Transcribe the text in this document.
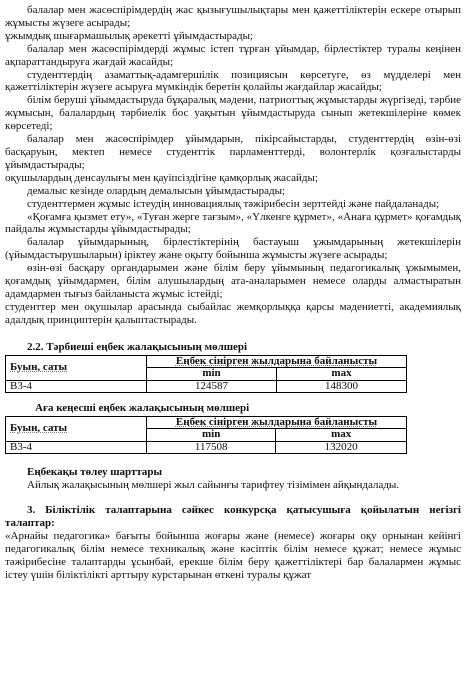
балалар мен жасөспірімдердің жас қызығушылықтары мен қажеттіліктерін ескере отырып жұмысты жүзеге асырады;
ұжымдық шығармашылық әрекетті ұйымдастырады;
балалар мен жасөспірімдерді жұмыс істеп тұрған ұйымдар, бірлестіктер туралы кеңінен ақпараттандыруға жағдай жасайды;
студенттердің азаматтық-адамгершілік позициясын көрсетуге, өз мүдделері мен қажеттіліктерін жүзеге асыруға мүмкіндік беретін қолайлы жағдайлар жасайды;
білім беруші ұйымдастыруда бұқаралық мәдени, патриоттық жұмыстарды жүргізеді, тәрбие жұмысын, балалардың тәрбиелік бос уақытын ұйымдастыруда сынып жетекшілеріне көмек көрсетеді;
балалар мен жасөспірімдер ұйымдарын, пікірсайыстарды, студенттердің өзін-өзі басқаруын, мектеп немесе студенттік парламенттерді, волонтерлік қозғалыстарды ұйымдастырады;
оқушылардың денсаулығы мен қауіпсіздігіне қамқорлық жасайды;
демалыс кезінде олардың демалысын ұйымдастырады;
студенттермен жұмыс істеудің инновациялық тәжірибесін зерттейді және пайдаланады;
«Қоғамға қызмет ету», «Туған жерге тағзым», «Үлкенге құрмет», «Анаға құрмет» қоғамдық пайдалы жұмыстарды ұйымдастырады;
балалар ұйымдарының, бірлестіктерінің бастауыш ұжымдарының жетекшілерін (ұйымдастырушыларын) іріктеу және оқыту бойынша жұмысты жүзеге асырады;
өзін-өзі басқару органдарымен және білім беру ұйымының педагогикалық ұжымымен, қоғамдық ұйымдармен, білім алушылардың ата-аналарымен немесе оларды алмастыратын адамдармен тығыз байланыста жұмыс істейді;
студенттер мен оқушылар арасында сыбайлас жемқорлыққа қарсы мәдениетті, академиялық адалдық принциптерін қалыптастырады.
2.2. Тәрбиешi еңбек жалақысының мөлшерi
Буын, саты	Еңбек сiнiрген жылдарына байланысты	
	min	max
В3-4	124587	148300
Аға кеңесші еңбек жалақысының мөлшерi
Буын, саты	Еңбек сiнiрген жылдарына байланысты	
	min	max
В3-4	117508	132020
Еңбекақы төлеу шарттары
Айлық жалақысының мөлшері жыл сайынғы тарифтеу тізімімен айқындалады.
3. Біліктілік талаптарына сәйкес конкурсқа қатысушыға қойылатын негізгі талаптар:
«Арнайы педагогика» бағыты бойынша жоғары және (немесе) жоғары оқу орнынан кейінгі педагогикалық білім немесе техникалық және кәсіптік білім немесе құжат; немесе жұмыс тәжірибесіне талаптарды ұсынбай, ерекше білім беру қажеттіліктері бар балалармен жұмыс істеу үшін біліктілікті арттыру курстарынан өткені туралы құжат
